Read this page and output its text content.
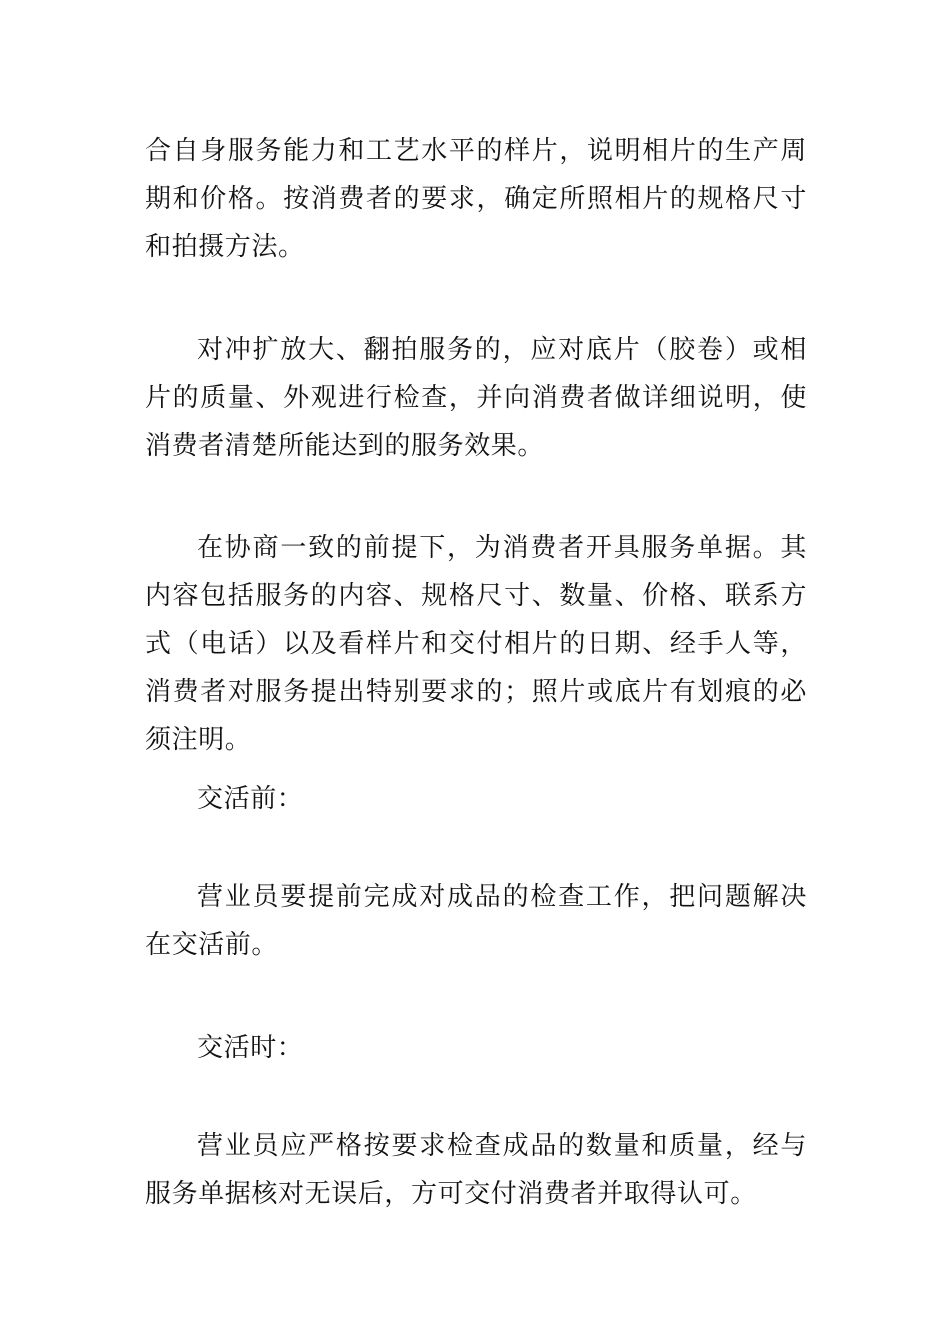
合自身服务能力和工艺水平的样片，说明相片的生产周期和价格。按消费者的要求，确定所照相片的规格尺寸和拍摄方法。

对冲扩放大、翻拍服务的，应对底片（胶卷）或相片的质量、外观进行检查，并向消费者做详细说明，使消费者清楚所能达到的服务效果。

在协商一致的前提下，为消费者开具服务单据。其内容包括服务的内容、规格尺寸、数量、价格、联系方式（电话）以及看样片和交付相片的日期、经手人等，消费者对服务提出特别要求的；照片或底片有划痕的必须注明。

交活前：

营业员要提前完成对成品的检查工作，把问题解决在交活前。

交活时：

营业员应严格按要求检查成品的数量和质量，经与服务单据核对无误后，方可交付消费者并取得认可。
